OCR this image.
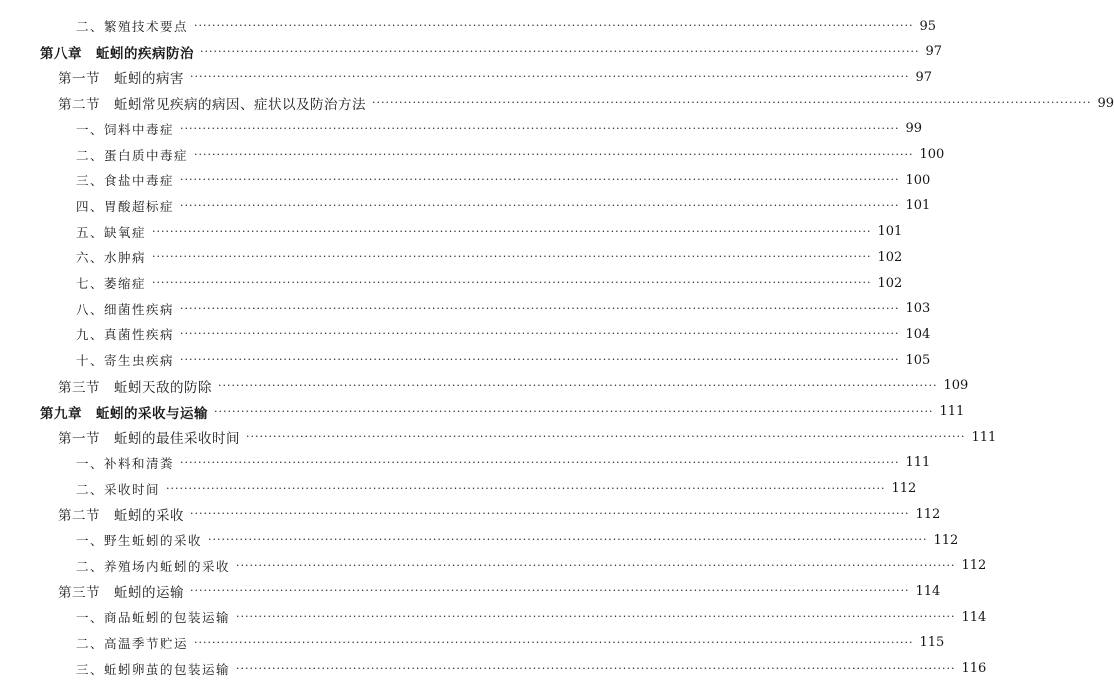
二、繁殖技术要点 ································································································································································ 95
第八章　蚯蚓的疾病防治 ································································································································································ 97
第一节　蚯蚓的病害 ································································································································································ 97
第二节　蚯蚓常见疾病的病因、症状以及防治方法 ································································································································································ 99
一、饲料中毒症 ································································································································································ 99
二、蛋白质中毒症 ································································································································································ 100
三、食盐中毒症 ································································································································································ 100
四、胃酸超标症 ································································································································································ 101
五、缺氧症 ································································································································································ 101
六、水肿病 ································································································································································ 102
七、萎缩症 ································································································································································ 102
八、细菌性疾病 ································································································································································ 103
九、真菌性疾病 ································································································································································ 104
十、寄生虫疾病 ································································································································································ 105
第三节　蚯蚓天敌的防除 ································································································································································ 109
第九章　蚯蚓的采收与运输 ································································································································································ 111
第一节　蚯蚓的最佳采收时间 ································································································································································ 111
一、补料和清粪 ································································································································································ 111
二、采收时间 ································································································································································ 112
第二节　蚯蚓的采收 ································································································································································ 112
一、野生蚯蚓的采收 ································································································································································ 112
二、养殖场内蚯蚓的采收 ································································································································································ 112
第三节　蚯蚓的运输 ································································································································································ 114
一、商品蚯蚓的包装运输 ································································································································································ 114
二、高温季节贮运 ································································································································································ 115
三、蚯蚓卵茧的包装运输 ································································································································································ 116
